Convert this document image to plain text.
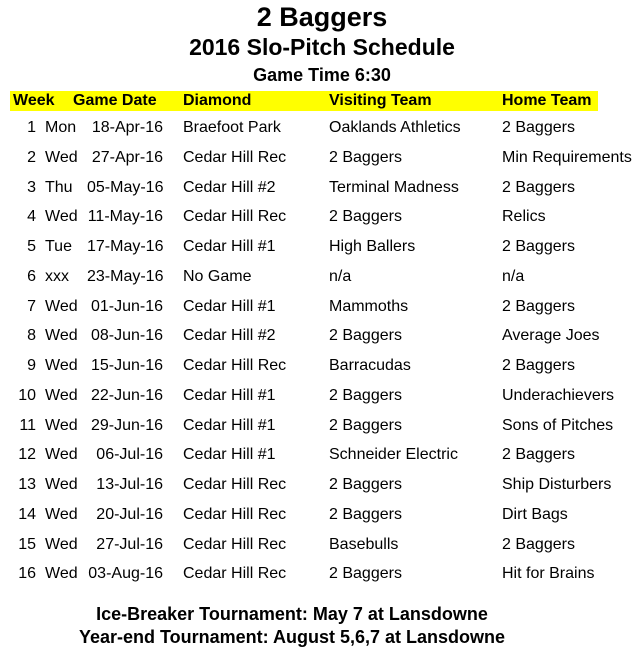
2 Baggers
2016 Slo-Pitch Schedule
Game Time 6:30
Week Game Date Diamond	Visiting Team	Home Team
1 Mon 18-Apr-16 Braefoot Park	Oaklands Athletics	2 Baggers
2 Wed 27-Apr-16 Cedar Hill Rec	2 Baggers	Min Requirements
3 Thu 05-May-16 Cedar Hill #2	Terminal Madness	2 Baggers
4 Wed 11-May-16 Cedar Hill Rec	2 Baggers	Relics
5 Tue 17-May-16 Cedar Hill #1	High Ballers	2 Baggers
6 xxx 23-May-16 No Game	n/a	n/a
7 Wed 01-Jun-16 Cedar Hill #1	Mammoths	2 Baggers
8 Wed 08-Jun-16 Cedar Hill #2	2 Baggers	Average Joes
9 Wed 15-Jun-16 Cedar Hill Rec	Barracudas	2 Baggers
10 Wed 22-Jun-16 Cedar Hill #1	2 Baggers	Underachievers
11 Wed 29-Jun-16 Cedar Hill #1	2 Baggers	Sons of Pitches
12 Wed	06-Jul-16 Cedar Hill #1	Schneider Electric	2 Baggers
13 Wed	13-Jul-16 Cedar Hill Rec	2 Baggers	Ship Disturbers
14 Wed	20-Jul-16 Cedar Hill Rec	2 Baggers	Dirt Bags
15 Wed	27-Jul-16 Cedar Hill Rec	Basebulls	2 Baggers
16 Wed 03-Aug-16 Cedar Hill Rec	2 Baggers	Hit for Brains
Ice-Breaker Tournament: May 7 at Lansdowne
Year-end Tournament: August 5,6,7 at Lansdowne
